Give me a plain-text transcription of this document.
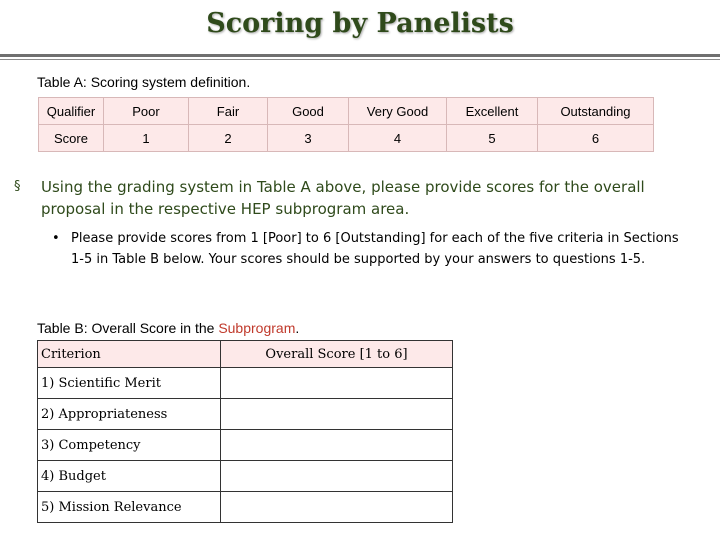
Scoring by Panelists
Table A: Scoring system definition.
Qualifier	Poor	Fair	Good	Very Good	Excellent	Outstanding
Score	1	2	3	4	5	6
§ Using the grading system in Table A above, please provide scores for the overall proposal in the respective HEP subprogram area.
• Please provide scores from 1 [Poor] to 6 [Outstanding] for each of the five criteria in Sections 1-5 in Table B below. Your scores should be supported by your answers to questions 1-5.
Table B: Overall Score in the Subprogram.
Criterion	Overall Score [1 to 6]
1) Scientific Merit	
2) Appropriateness	
3) Competency	
4) Budget	
5) Mission Relevance	
